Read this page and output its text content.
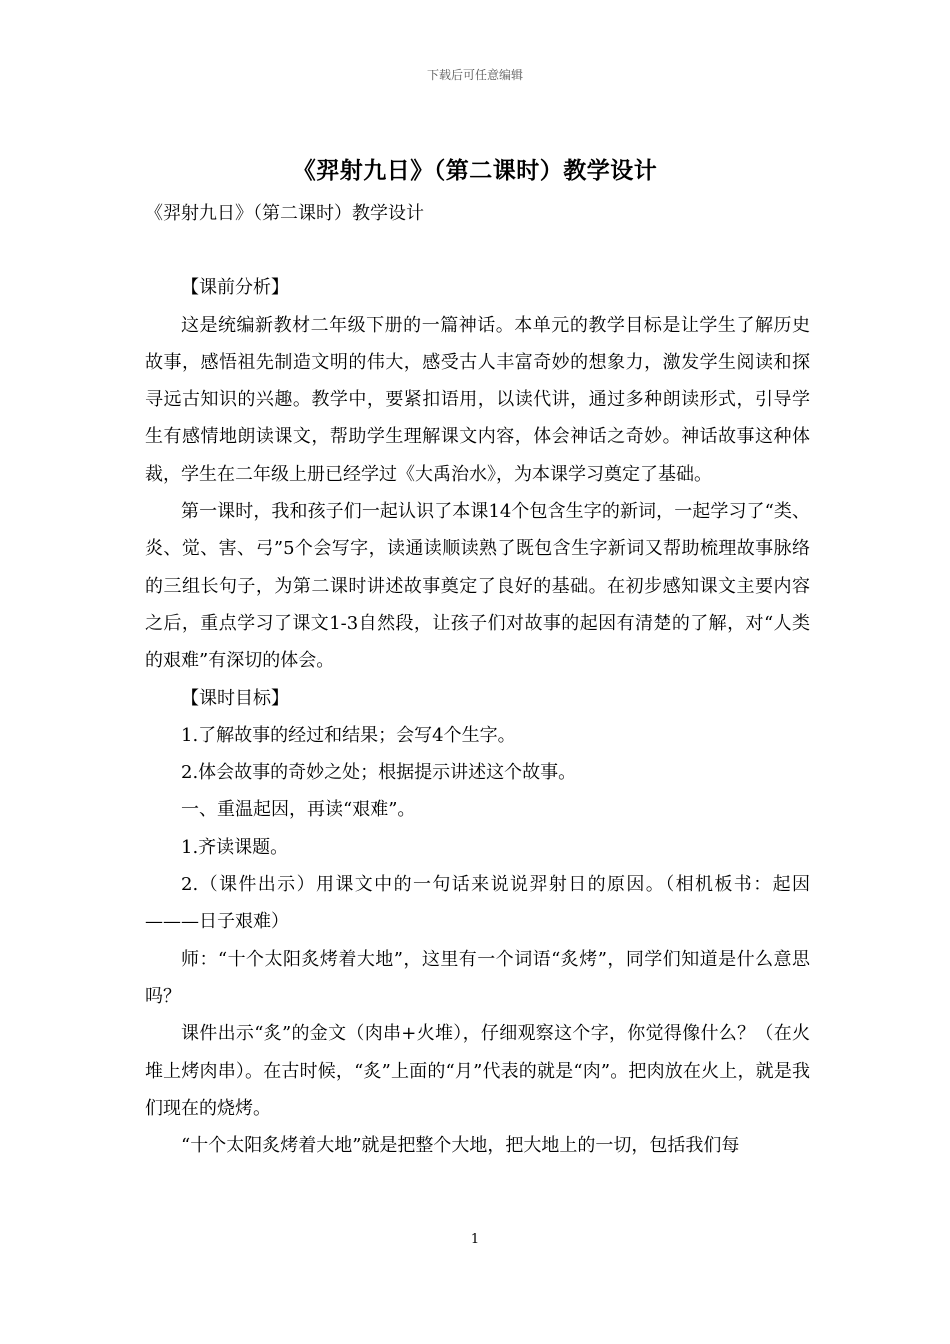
下载后可任意编辑
《羿射九日》（第二课时）教学设计

《羿射九日》（第二课时）教学设计

【课前分析】

这是统编新教材二年级下册的一篇神话。本单元的教学目标是让学生了解历史故事，感悟祖先制造文明的伟大，感受古人丰富奇妙的想象力，激发学生阅读和探寻远古知识的兴趣。教学中，要紧扣语用，以读代讲，通过多种朗读形式，引导学生有感情地朗读课文，帮助学生理解课文内容，体会神话之奇妙。神话故事这种体裁，学生在二年级上册已经学过《大禹治水》，为本课学习奠定了基础。

第一课时，我和孩子们一起认识了本课14个包含生字的新词，一起学习了“类、炎、觉、害、弓”5个会写字，读通读顺读熟了既包含生字新词又帮助梳理故事脉络的三组长句子，为第二课时讲述故事奠定了良好的基础。在初步感知课文主要内容之后，重点学习了课文1-3自然段，让孩子们对故事的起因有清楚的了解，对“人类的艰难”有深切的体会。

【课时目标】

1.了解故事的经过和结果；会写4个生字。

2.体会故事的奇妙之处；根据提示讲述这个故事。

一、重温起因，再读“艰难”。

1.齐读课题。

2.（课件出示）用课文中的一句话来说说羿射日的原因。（相机板书：起因———日子艰难）

师：“十个太阳炙烤着大地”，这里有一个词语“炙烤”，同学们知道是什么意思吗？

课件出示“炙”的金文（肉串+火堆），仔细观察这个字，你觉得像什么？（在火堆上烤肉串）。在古时候，“炙”上面的“月”代表的就是“肉”。把肉放在火上，就是我们现在的烧烤。

“十个太阳炙烤着大地”就是把整个大地，把大地上的一切，包括我们每

1
